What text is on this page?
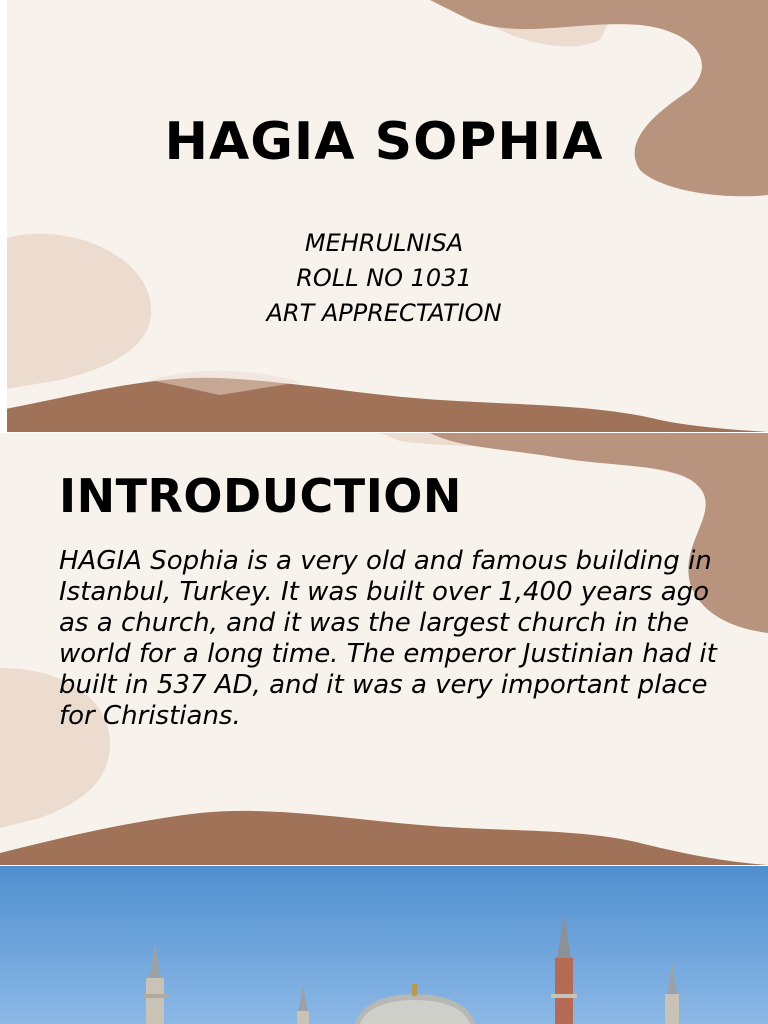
HAGIA SOPHIA
MEHRULNISA
ROLL NO 1031
ART APPRECTATION
INTRODUCTION

HAGIA Sophia is a very old and famous building in Istanbul, Turkey. It was built over 1,400 years ago as a church, and it was the largest church in the world for a long time. The emperor Justinian had it built in 537 AD, and it was a very important place for Christians.
